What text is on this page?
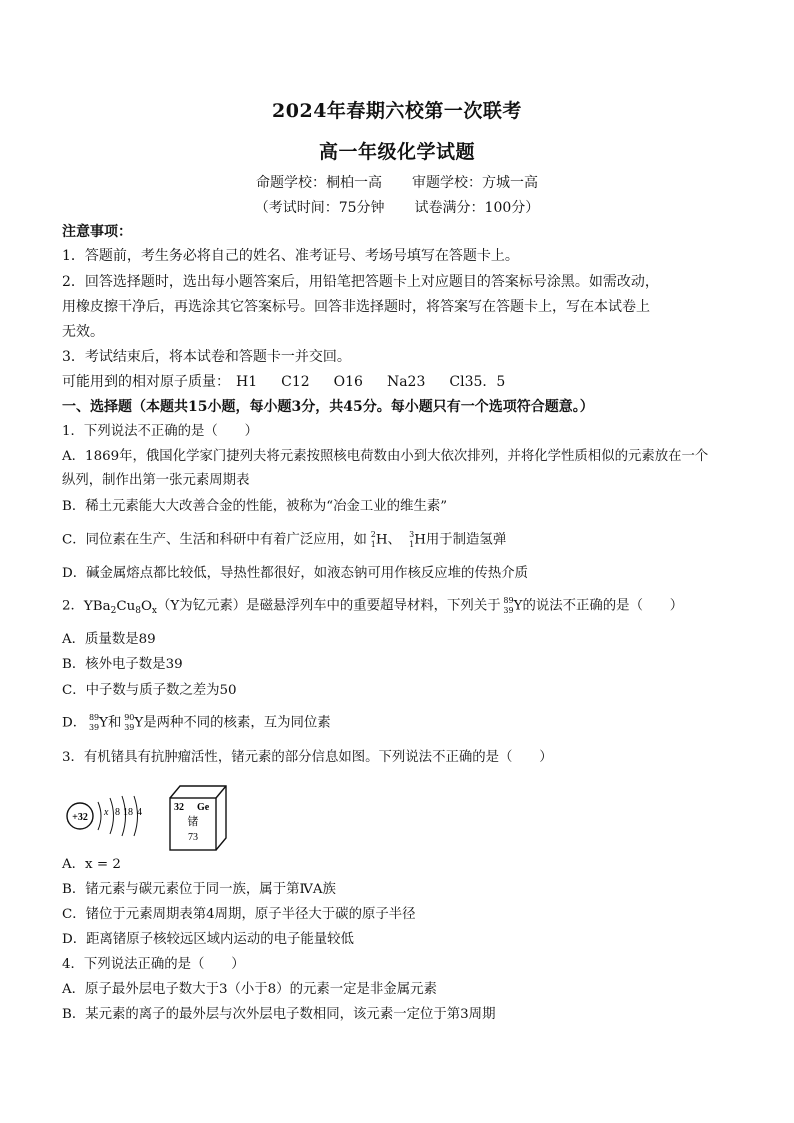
2024年春期六校第一次联考
高一年级化学试题
命题学校：桐柏一高 审题学校：方城一高
（考试时间：75分钟 试卷满分：100分）
注意事项：
1．答题前，考生务必将自己的姓名、准考证号、考场号填写在答题卡上。
2．回答选择题时，选出每小题答案后，用铅笔把答题卡上对应题目的答案标号涂黑。如需改动，
用橡皮擦干净后，再选涂其它答案标号。回答非选择题时，将答案写在答题卡上，写在本试卷上
无效。
3．考试结束后，将本试卷和答题卡一并交回。
可能用到的相对原子质量： H1 C12 O16 Na23 Cl35．5
一、选择题（本题共15小题，每小题3分，共45分。每小题只有一个选项符合题意。）
1．下列说法不正确的是（　　）
A．1869年，俄国化学家门捷列夫将元素按照核电荷数由小到大依次排列，并将化学性质相似的元素放在一个
纵列，制作出第一张元素周期表
B．稀土元素能大大改善合金的性能，被称为“冶金工业的维生素”
C．同位素在生产、生活和科研中有着广泛应用，如 2
1 H、 3
1 H用于制造氢弹
D．碱金属熔点都比较低，导热性都很好，如液态钠可用作核反应堆的传热介质
2．$YBa_2Cu_8O_x(Y$为钇元素）是磁悬浮列车中的重要超导材料，下列关于 89
39 Y的说法不正确的是（　　）
A．质量数是89
B．核外电子数是39
C．中子数与质子数之差为50
D． 89
39 Y和 90
39 Y是两种不同的核素，互为同位素
3．有机锗具有抗肿瘤活性，锗元素的部分信息如图。下列说法不正确的是（　　）
+32 x 8 18 4	32 Ge
锗
73
A．x = 2
B．锗元素与碳元素位于同一族，属于第ⅣA族
C．锗位于元素周期表第4周期，原子半径大于碳的原子半径
D．距离锗原子核较远区域内运动的电子能量较低
4．下列说法正确的是（　　）
A．原子最外层电子数大于3（小于8）的元素一定是非金属元素
B．某元素的离子的最外层与次外层电子数相同，该元素一定位于第3周期
